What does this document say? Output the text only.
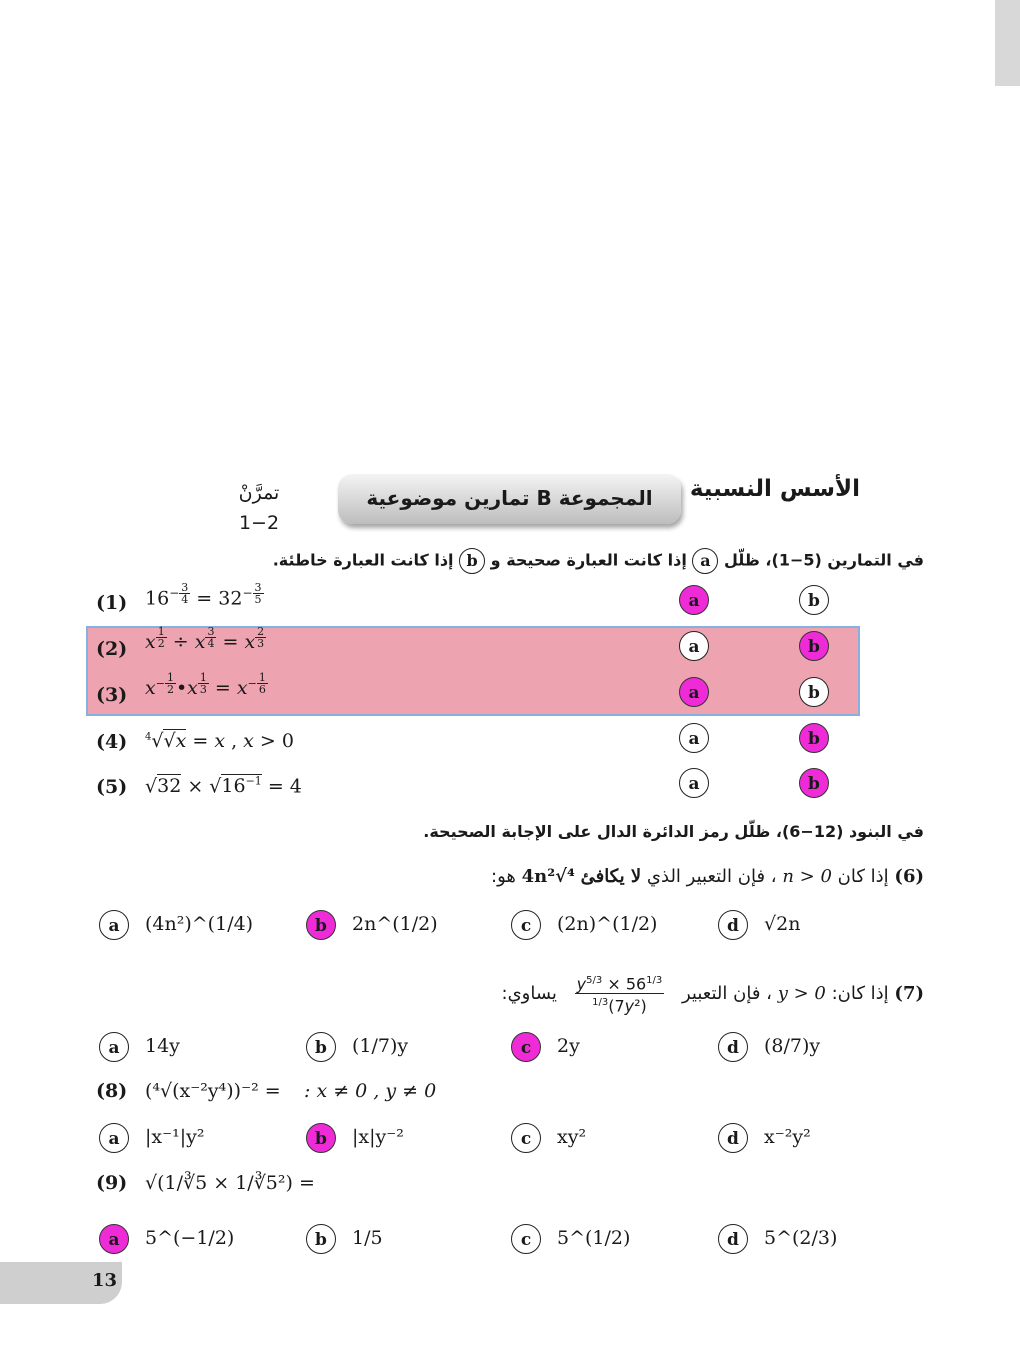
الأسس النسبية
المجموعة B تمارين موضوعية
تمرَّنْ
1−2
في التمارين (5−1)، ظلّل a إذا كانت العبارة صحيحة و b إذا كانت العبارة خاطئة.
(1) $16^{- \frac{3}{4}} = 32^{- \frac{3}{5}}$	a	b
(2) x $^{\frac{1}{2}}$ ÷ x $^{\frac{3}{4}}$ = x $^{\frac{2}{3}}$	a	b
(3) $x^{- \frac{1}{2}}$ •x $^{\frac{1}{3}} = x^{- \frac{1}{6}}$	a	b
(4) $^4$√√x = x , x > 0	a	b
(5) $√32 \times √16^{-1} = 4$	a	b
في البنود (12−6)، ظلّل رمز الدائرة الدال على الإجابة الصحيحة.
(6) إذا كان n > 0 ، فإن التعبير الذي لا يكافئ ⁴√4n² هو:
a	(4n²)^(1/4)	b	2n^(1/2)	c	(2n)^(1/2)	d	√2n
(7) إذا كان: y > 0 ، فإن التعبير
$\frac{56^{1/3} \times y^{5/3}}{(7y^2)^{1/3}}$
يساوي:
a	14y	b	(1/7)y	c	2y	d	(8/7)y
(8) (⁴√(x⁻²y⁴))⁻² = : x ≠ 0 , y ≠ 0
a	|x⁻¹|y²	b	|x|y⁻²	c	xy²	d	x⁻²y²
(9) √(1/∛5 × 1/∛5²) =
a	5^(−1/2)	b	1/5	c	5^(1/2)	d	5^(2/3)
13
